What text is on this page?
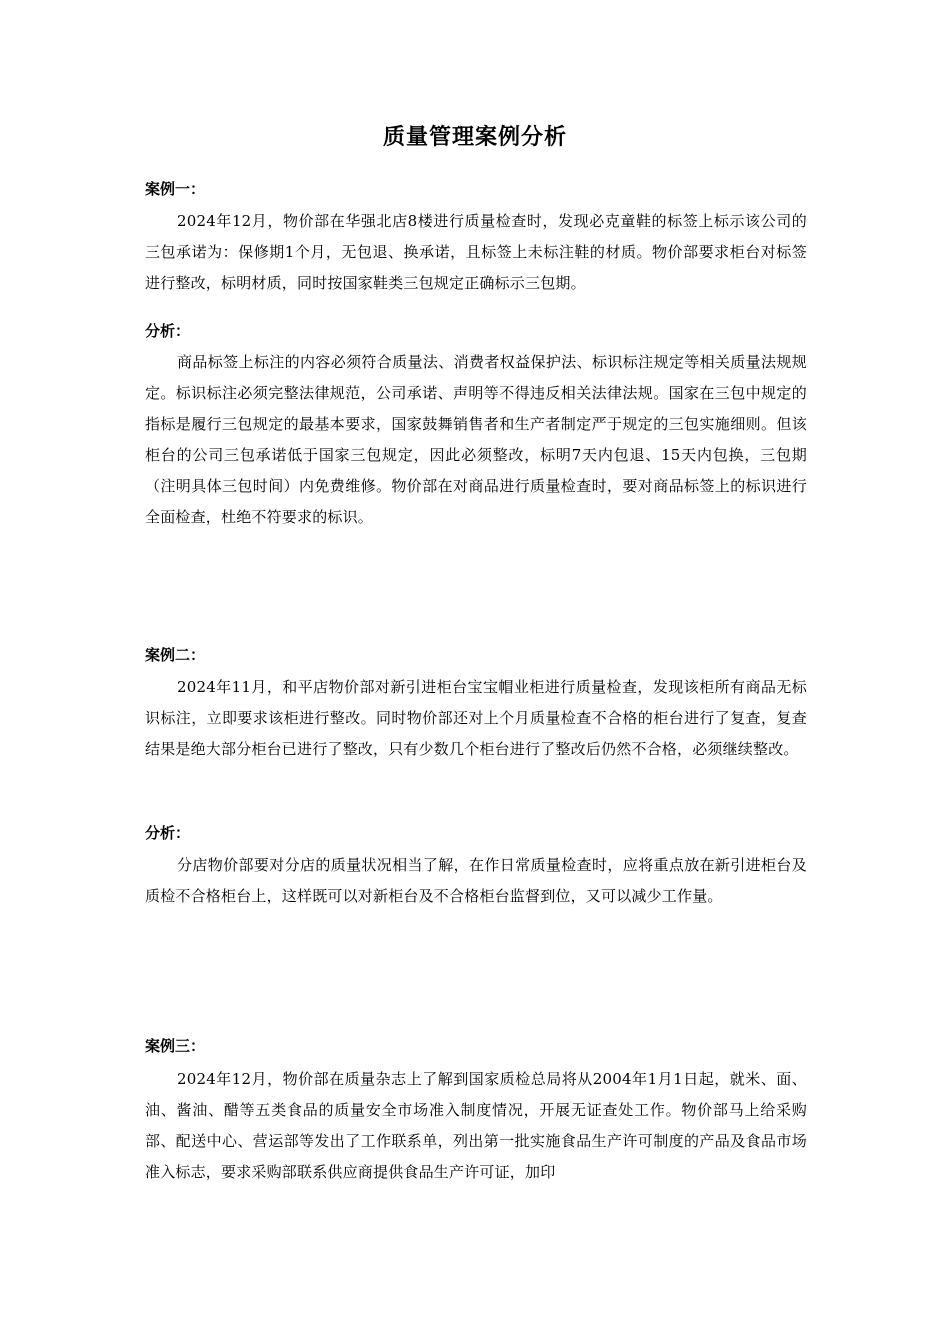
质量管理案例分析
案例一：
2024年12月，物价部在华强北店8楼进行质量检查时，发现必克童鞋的标签上标示该公司的三包承诺为：保修期1个月，无包退、换承诺，且标签上未标注鞋的材质。物价部要求柜台对标签进行整改，标明材质，同时按国家鞋类三包规定正确标示三包期。
分析：
商品标签上标注的内容必须符合质量法、消费者权益保护法、标识标注规定等相关质量法规规定。标识标注必须完整法律规范，公司承诺、声明等不得违反相关法律法规。国家在三包中规定的指标是履行三包规定的最基本要求，国家鼓舞销售者和生产者制定严于规定的三包实施细则。但该柜台的公司三包承诺低于国家三包规定，因此必须整改，标明7天内包退、15天内包换，三包期（注明具体三包时间）内免费维修。物价部在对商品进行质量检查时，要对商品标签上的标识进行全面检查，杜绝不符要求的标识。
案例二：
2024年11月，和平店物价部对新引进柜台宝宝帽业柜进行质量检查，发现该柜所有商品无标识标注，立即要求该柜进行整改。同时物价部还对上个月质量检查不合格的柜台进行了复查，复查结果是绝大部分柜台已进行了整改，只有少数几个柜台进行了整改后仍然不合格，必须继续整改。
分析：
分店物价部要对分店的质量状况相当了解，在作日常质量检查时，应将重点放在新引进柜台及质检不合格柜台上，这样既可以对新柜台及不合格柜台监督到位，又可以减少工作量。
案例三：
2024年12月，物价部在质量杂志上了解到国家质检总局将从2004年1月1日起，就米、面、油、酱油、醋等五类食品的质量安全市场准入制度情况，开展无证查处工作。物价部马上给采购部、配送中心、营运部等发出了工作联系单，列出第一批实施食品生产许可制度的产品及食品市场准入标志，要求采购部联系供应商提供食品生产许可证，加印
